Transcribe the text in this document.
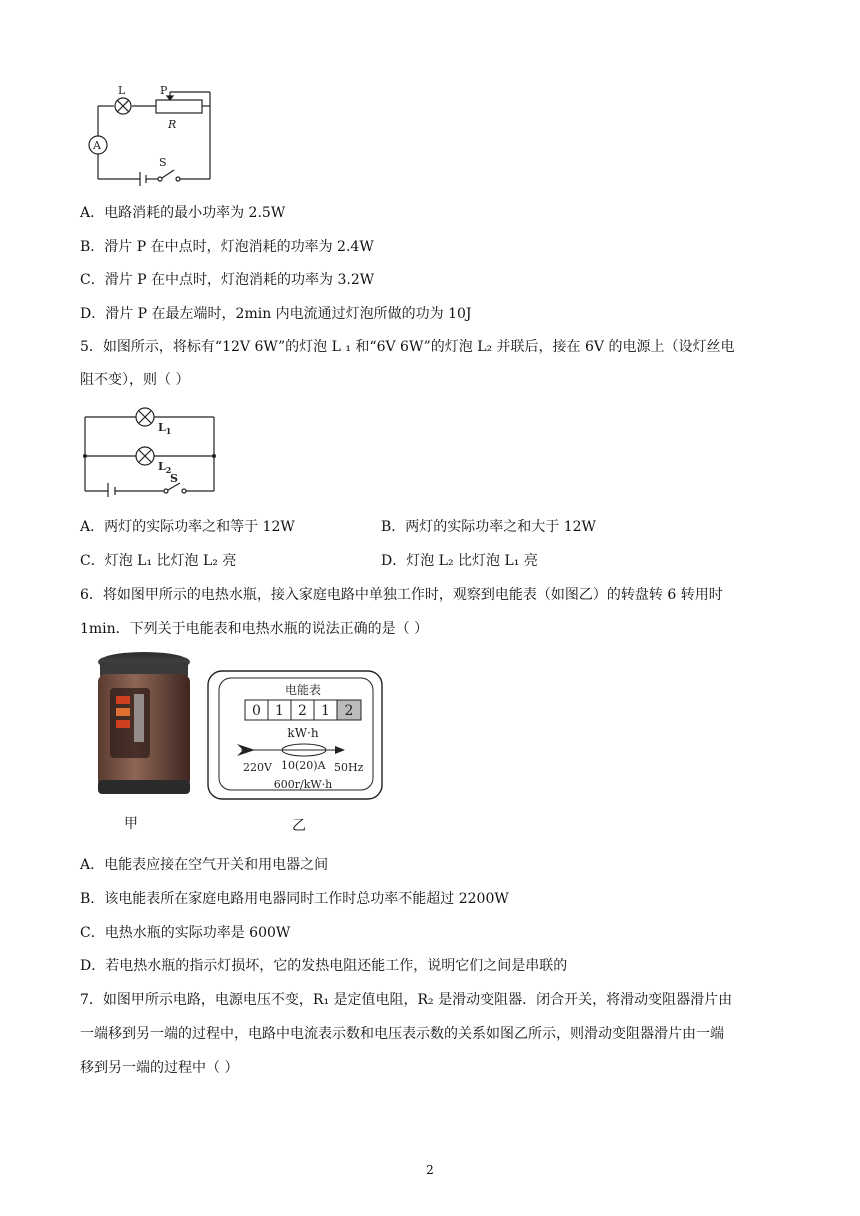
L	P
R
A
S
A．电路消耗的最小功率为 2.5W
B．滑片 P 在中点时，灯泡消耗的功率为 2.4W
C．滑片 P 在中点时，灯泡消耗的功率为 3.2W
D．滑片 P 在最左端时，2min 内电流通过灯泡所做的功为 10J
5．如图所示，将标有“12V 6W”的灯泡 L ₁ 和“6V 6W”的灯泡 L₂ 并联后，接在 6V 的电源上（设灯丝电
阻不变），则（ ）
$L_1$
$L_2$
S
A．两灯的实际功率之和等于 12W	B．两灯的实际功率之和大于 12W
C．灯泡 L₁ 比灯泡 L₂ 亮	D．灯泡 L₂ 比灯泡 L₁ 亮
6．将如图甲所示的电热水瓶，接入家庭电路中单独工作时，观察到电能表（如图乙）的转盘转 6 转用时
1min．下列关于电能表和电热水瓶的说法正确的是（ ）
甲
电能表
0 1 2 1 2
kW·h
220V 10(20)A 50Hz
600r/kW·h
乙
A．电能表应接在空气开关和用电器之间
B．该电能表所在家庭电路用电器同时工作时总功率不能超过 2200W
C．电热水瓶的实际功率是 600W
D．若电热水瓶的指示灯损坏，它的发热电阻还能工作，说明它们之间是串联的
7．如图甲所示电路，电源电压不变，R₁ 是定值电阻，R₂ 是滑动变阻器．闭合开关，将滑动变阻器滑片由
一端移到另一端的过程中，电路中电流表示数和电压表示数的关系如图乙所示，则滑动变阻器滑片由一端
移到另一端的过程中（ ）
2
